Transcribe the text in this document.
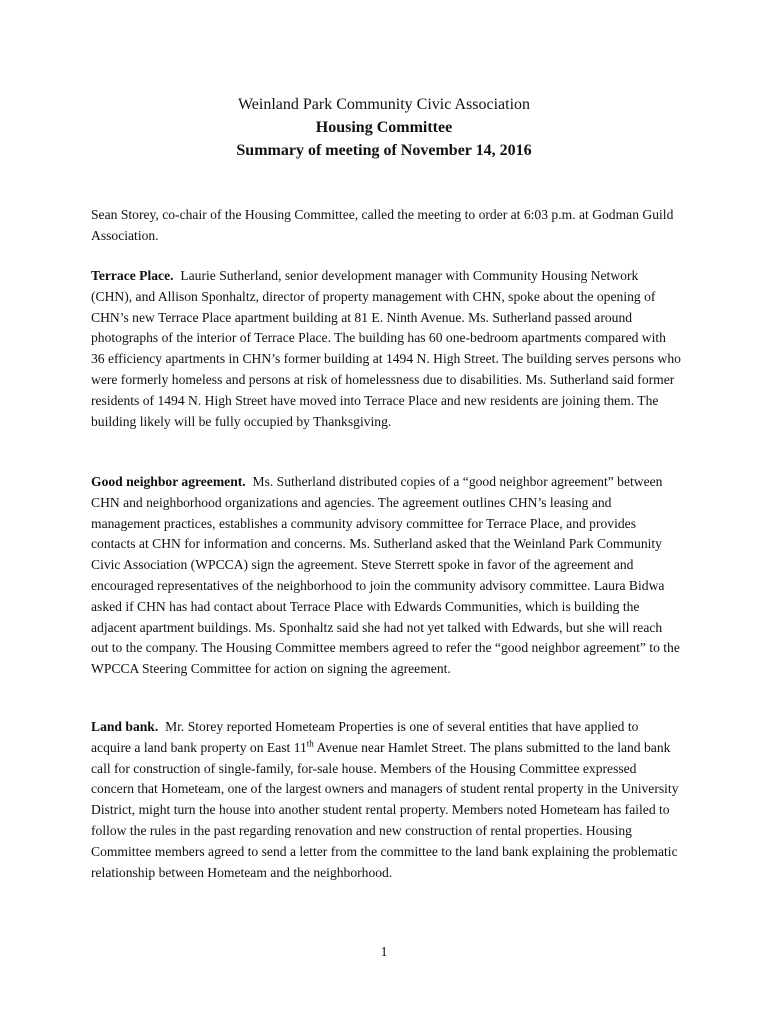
Weinland Park Community Civic Association
Housing Committee
Summary of meeting of November 14, 2016

Sean Storey, co-chair of the Housing Committee, called the meeting to order at 6:03 p.m. at Godman Guild Association.

Terrace Place. Laurie Sutherland, senior development manager with Community Housing Network (CHN), and Allison Sponhaltz, director of property management with CHN, spoke about the opening of CHN’s new Terrace Place apartment building at 81 E. Ninth Avenue. Ms. Sutherland passed around photographs of the interior of Terrace Place. The building has 60 one-bedroom apartments compared with 36 efficiency apartments in CHN’s former building at 1494 N. High Street. The building serves persons who were formerly homeless and persons at risk of homelessness due to disabilities. Ms. Sutherland said former residents of 1494 N. High Street have moved into Terrace Place and new residents are joining them. The building likely will be fully occupied by Thanksgiving.

Good neighbor agreement. Ms. Sutherland distributed copies of a “good neighbor agreement” between CHN and neighborhood organizations and agencies. The agreement outlines CHN’s leasing and management practices, establishes a community advisory committee for Terrace Place, and provides contacts at CHN for information and concerns. Ms. Sutherland asked that the Weinland Park Community Civic Association (WPCCA) sign the agreement. Steve Sterrett spoke in favor of the agreement and encouraged representatives of the neighborhood to join the community advisory committee. Laura Bidwa asked if CHN has had contact about Terrace Place with Edwards Communities, which is building the adjacent apartment buildings. Ms. Sponhaltz said she had not yet talked with Edwards, but she will reach out to the company. The Housing Committee members agreed to refer the “good neighbor agreement” to the WPCCA Steering Committee for action on signing the agreement.

Land bank. Mr. Storey reported Hometeam Properties is one of several entities that have applied to acquire a land bank property on East 11th Avenue near Hamlet Street. The plans submitted to the land bank call for construction of single-family, for-sale house. Members of the Housing Committee expressed concern that Hometeam, one of the largest owners and managers of student rental property in the University District, might turn the house into another student rental property. Members noted Hometeam has failed to follow the rules in the past regarding renovation and new construction of rental properties. Housing Committee members agreed to send a letter from the committee to the land bank explaining the problematic relationship between Hometeam and the neighborhood.

1
